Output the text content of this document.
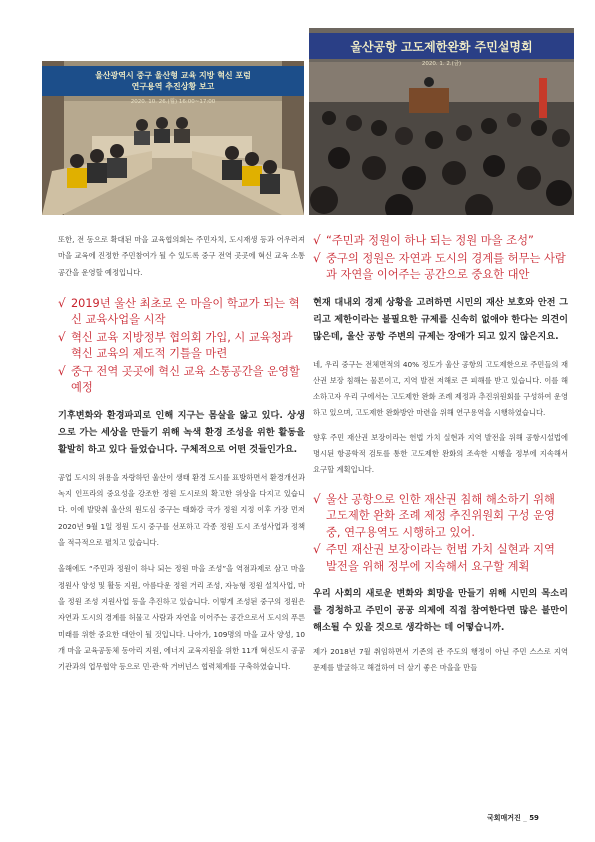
울산광역시 중구 울산형 교육 지방 혁신 포럼
연구용역 추진상황 보고
2020. 10. 26.(월) 16:00~17:00
울산공항 고도제한완화 주민설명회
2020. 1. 2.(금)

또한, 전 동으로 확대된 마을 교육협의회는 주민자치, 도시재생 등과 어우러져 마을 교육에 진정한 주민참여가 될 수 있도록 중구 전역 곳곳에 혁신 교육 소통공간을 운영할 예정입니다.

√ 2019년 울산 최초로 온 마을이 학교가 되는 혁신 교육사업을 시작

√ 혁신 교육 지방정부 협의회 가입, 시 교육청과 혁신 교육의 제도적 기틀을 마련

√ 중구 전역 곳곳에 혁신 교육 소통공간을 운영할 예정

기후변화와 환경파괴로 인해 지구는 몸살을 앓고 있다. 상생으로 가는 세상을 만들기 위해 녹색 환경 조성을 위한 활동을 활발히 하고 있다 들었습니다. 구체적으로 어떤 것들인가요.

공업 도시의 위용을 자랑하던 울산이 생태 환경 도시를 표방하면서 환경개선과 녹지 인프라의 중요성을 강조한 정원 도시로의 확고한 위상을 다지고 있습니다. 이에 발맞춰 울산의 원도심 중구는 태화강 국가 정원 지정 이후 가장 먼저 2020년 9월 1일 정원 도시 중구를 선포하고 각종 정원 도시 조성사업과 정책을 적극적으로 펼치고 있습니다.

올해에도 “주민과 정원이 하나 되는 정원 마을 조성”을 역점과제로 삼고 마을정원사 양성 및 활동 지원, 아름다운 정원 거리 조성, 자능형 정원 설치사업, 마을 정원 조성 지원사업 등을 추진하고 있습니다. 이렇게 조성된 중구의 정원은 자연과 도시의 경계를 허물고 사람과 자연을 이어주는 공간으로서 도시의 푸른 미래를 위한 중요한 대안이 될 것입니다. 나아가, 109명의 마을 교사 양성, 10개 마을 교육공동체 동아리 지원, 에너지 교육지원을 위한 11개 혁신도시 공공기관과의 업무협약 등으로 민·관·학 거버넌스 협력체계를 구축하였습니다.

√ “주민과 정원이 하나 되는 정원 마을 조성”

√ 중구의 정원은 자연과 도시의 경계를 허무는 사람과 자연을 이어주는 공간으로 중요한 대안

현재 대내외 경제 상황을 고려하면 시민의 재산 보호와 안전 그리고 제한이라는 불필요한 규제를 신속히 없애야 한다는 의견이 많은데, 울산 공항 주변의 규제는 장애가 되고 있지 않은지요.

네, 우리 중구는 전체면적의 40% 정도가 울산 공항의 고도제한으로 주민들의 재산권 보장 침해는 물론이고, 지역 발전 저해로 큰 피해를 받고 있습니다. 이를 해소하고자 우리 구에서는 고도제한 완화 조례 제정과 추진위원회를 구성하여 운영하고 있으며, 고도제한 완화방안 마련을 위해 연구용역을 시행하였습니다.

향후 주민 재산권 보장이라는 헌법 가치 실현과 지역 발전을 위해 공항시설법에 명시된 항공학적 검토를 통한 고도제한 완화의 조속한 시행을 정부에 지속해서 요구할 계획입니다.

√ 울산 공항으로 인한 재산권 침해 해소하기 위해 고도제한 완화 조례 제정 추진위원회 구성 운영 중, 연구용역도 시행하고 있어.

√ 주민 재산권 보장이라는 헌법 가치 실현과 지역 발전을 위해 정부에 지속해서 요구할 계획

우리 사회의 새로운 변화와 희망을 만들기 위해 시민의 목소리를 경청하고 주민이 공공 의제에 직접 참여한다면 많은 불만이 해소될 수 있을 것으로 생각하는 데 어떻습니까.

제가 2018년 7월 취임하면서 기존의 관 주도의 행정이 아닌 주민 스스로 지역 문제를 발굴하고 해결하여 더 살기 좋은 마을을 만들

국회매거진 _ 59
